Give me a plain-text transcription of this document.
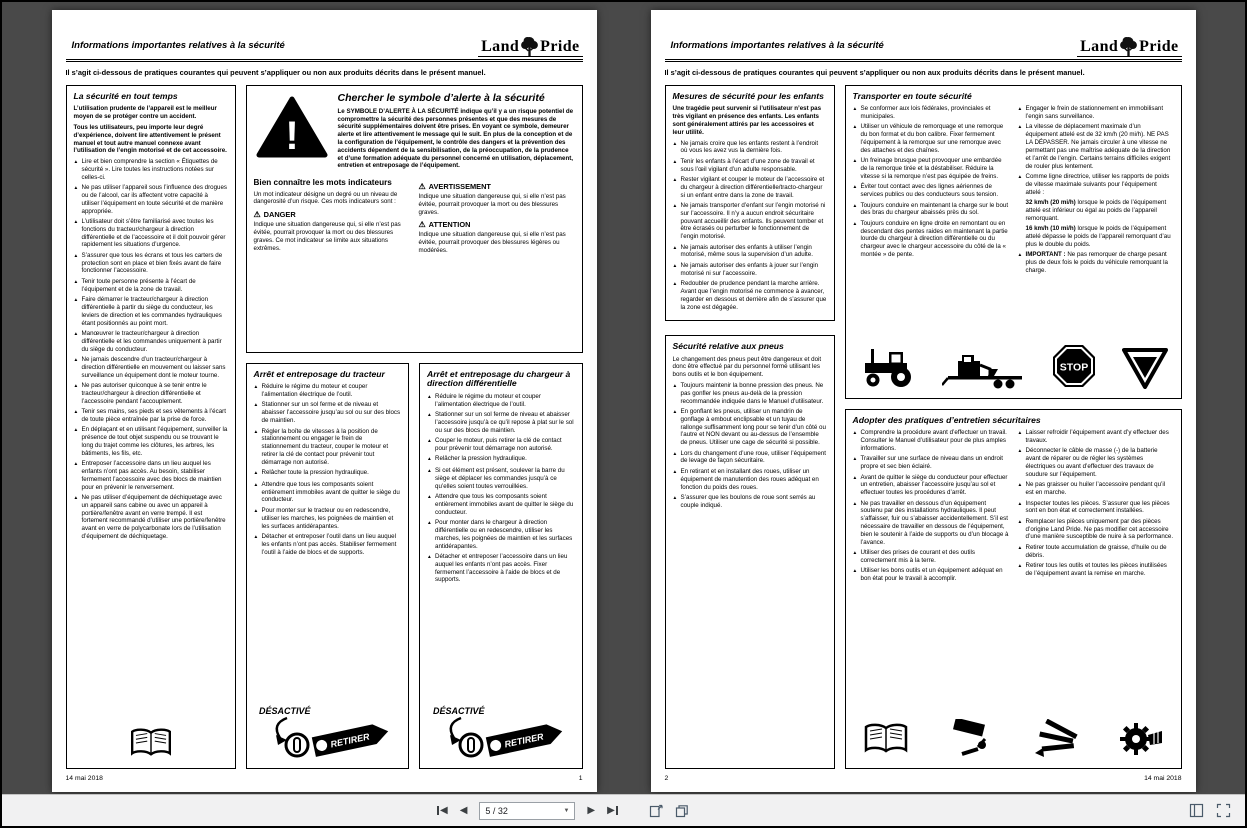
Informations importantes relatives à la sécurité	Land Pride
Il s’agit ci-dessous de pratiques courantes qui peuvent s’appliquer ou non aux produits décrits dans le présent manuel.
La sécurité en tout temps
L’utilisation prudente de l’appareil est le meilleur moyen de se protéger contre un accident.
Tous les utilisateurs, peu importe leur degré d’expérience, doivent lire attentivement le présent manuel et tout autre manuel connexe avant l’utilisation de l’engin motorisé et de cet accessoire.
▲ Lire et bien comprendre la section « Étiquettes de sécurité ». Lire toutes les instructions notées sur celles-ci.
▲ Ne pas utiliser l’appareil sous l’influence des drogues ou de l’alcool, car ils affectent votre capacité à utiliser l’équipement en toute sécurité et de manière appropriée.
▲ L’utilisateur doit s’être familiarisé avec toutes les fonctions du tracteur/chargeur à direction différentielle et de l’accessoire et il doit pouvoir gérer rapidement les situations d’urgence.
▲ S’assurer que tous les écrans et tous les carters de protection sont en place et bien fixés avant de faire fonctionner l’accessoire.
▲ Tenir toute personne présente à l’écart de l’équipement et de la zone de travail.
▲ Faire démarrer le tracteur/chargeur à direction différentielle à partir du siège du conducteur, les leviers de direction et les commandes hydrauliques étant positionnés au point mort.
▲ Manœuvrer le tracteur/chargeur à direction différentielle et les commandes uniquement à partir du siège du conducteur.
▲ Ne jamais descendre d’un tracteur/chargeur à direction différentielle en mouvement ou laisser sans surveillance un équipement dont le moteur tourne.
▲ Ne pas autoriser quiconque à se tenir entre le tracteur/chargeur à direction différentielle et l’accessoire pendant l’accouplement.
▲ Tenir ses mains, ses pieds et ses vêtements à l’écart de toute pièce entraînée par la prise de force.
▲ En déplaçant et en utilisant l’équipement, surveiller la présence de tout objet suspendu ou se trouvant le long du trajet comme les clôtures, les arbres, les bâtiments, les fils, etc.
▲ Entreposer l’accessoire dans un lieu auquel les enfants n’ont pas accès. Au besoin, stabiliser fermement l’accessoire avec des blocs de maintien pour en prévenir le renversement.
▲ Ne pas utiliser d’équipement de déchiquetage avec un appareil sans cabine ou avec un appareil à portière/fenêtre avant en verre trempé. Il est fortement recommandé d’utiliser une portière/fenêtre avant en verre de polycarbonate lors de l’utilisation d’équipement de déchiquetage.
!
Chercher le symbole d’alerte à la sécurité
Le SYMBOLE D’ALERTE À LA SÉCURITÉ indique qu’il y a un risque potentiel de compromettre la sécurité des personnes présentes et que des mesures de sécurité supplémentaires doivent être prises. En voyant ce symbole, demeurer alerte et lire attentivement le message qui le suit. En plus de la conception et de la configuration de l’équipement, le contrôle des dangers et la prévention des accidents dépendent de la sensibilisation, de la préoccupation, de la prudence et d’une formation adéquate du personnel concerné en utilisation, déplacement, entretien et entreposage de l’équipement.
Bien connaître les mots indicateurs
Un mot indicateur désigne un degré ou un niveau de dangerosité d’un risque. Ces mots indicateurs sont :
⚠ DANGER
Indique une situation dangereuse qui, si elle n’est pas évitée, pourrait provoquer la mort ou des blessures graves. Ce mot indicateur se limite aux situations extrêmes.
⚠ AVERTISSEMENT
Indique une situation dangereuse qui, si elle n’est pas évitée, pourrait provoquer la mort ou des blessures graves.
⚠ ATTENTION
Indique une situation dangereuse qui, si elle n’est pas évitée, pourrait provoquer des blessures légères ou modérées.
Arrêt et entreposage du tracteur
▲ Réduire le régime du moteur et couper l’alimentation électrique de l’outil.
▲ Stationner sur un sol ferme et de niveau et abaisser l’accessoire jusqu’au sol ou sur des blocs de maintien.
▲ Régler la boîte de vitesses à la position de stationnement ou engager le frein de stationnement du tracteur, couper le moteur et retirer la clé de contact pour prévenir tout démarrage non autorisé.
▲ Relâcher toute la pression hydraulique.
▲ Attendre que tous les composants soient entièrement immobiles avant de quitter le siège du conducteur.
▲ Pour monter sur le tracteur ou en redescendre, utiliser les marches, les poignées de maintien et les surfaces antidérapantes.
▲ Détacher et entreposer l’outil dans un lieu auquel les enfants n’ont pas accès. Stabiliser fermement l’outil à l’aide de blocs et de supports.
DÉSACTIVÉ
RETIRER
Arrêt et entreposage du chargeur à direction différentielle
▲ Réduire le régime du moteur et couper l’alimentation électrique de l’outil.
▲ Stationner sur un sol ferme de niveau et abaisser l’accessoire jusqu’à ce qu’il repose à plat sur le sol ou sur des blocs de maintien.
▲ Couper le moteur, puis retirer la clé de contact pour prévenir tout démarrage non autorisé.
▲ Relâcher la pression hydraulique.
▲ Si cet élément est présent, soulever la barre du siège et déplacer les commandes jusqu’à ce qu’elles soient toutes verrouillées.
▲ Attendre que tous les composants soient entièrement immobiles avant de quitter le siège du conducteur.
▲ Pour monter dans le chargeur à direction différentielle ou en redescendre, utiliser les marches, les poignées de maintien et les surfaces antidérapantes.
▲ Détacher et entreposer l’accessoire dans un lieu auquel les enfants n’ont pas accès. Fixer fermement l’accessoire à l’aide de blocs et de supports.
DÉSACTIVÉ
RETIRER
14 mai 2018	1
Informations importantes relatives à la sécurité	Land Pride
Il s’agit ci-dessous de pratiques courantes qui peuvent s’appliquer ou non aux produits décrits dans le présent manuel.
Mesures de sécurité pour les enfants
Une tragédie peut survenir si l’utilisateur n’est pas très vigilant en présence des enfants. Les enfants sont généralement attirés par les accessoires et leur utilité.
▲ Ne jamais croire que les enfants restent à l’endroit où vous les avez vus la dernière fois.
▲ Tenir les enfants à l’écart d’une zone de travail et sous l’œil vigilant d’un adulte responsable.
▲ Rester vigilant et couper le moteur de l’accessoire et du chargeur à direction différentielle/tracto-chargeur si un enfant entre dans la zone de travail.
▲ Ne jamais transporter d’enfant sur l’engin motorisé ni sur l’accessoire. Il n’y a aucun endroit sécuritaire pouvant accueillir des enfants. Ils peuvent tomber et être écrasés ou perturber le fonctionnement de l’engin motorisé.
▲ Ne jamais autoriser des enfants à utiliser l’engin motorisé, même sous la supervision d’un adulte.
▲ Ne jamais autoriser des enfants à jouer sur l’engin motorisé ni sur l’accessoire.
▲ Redoubler de prudence pendant la marche arrière. Avant que l’engin motorisé ne commence à avancer, regarder en dessous et derrière afin de s’assurer que la zone est dégagée.
Sécurité relative aux pneus
Le changement des pneus peut être dangereux et doit donc être effectué par du personnel formé utilisant les bons outils et le bon équipement.
▲ Toujours maintenir la bonne pression des pneus. Ne pas gonfler les pneus au-delà de la pression recommandée indiquée dans le Manuel d’utilisateur.
▲ En gonflant les pneus, utiliser un mandrin de gonflage à embout enclipsable et un tuyau de rallonge suffisamment long pour se tenir d’un côté ou l’autre et NON devant ou au-dessus de l’ensemble de pneus. Utiliser une cage de sécurité si possible.
▲ Lors du changement d’une roue, utiliser l’équipement de levage de façon sécuritaire.
▲ En retirant et en installant des roues, utiliser un équipement de manutention des roues adéquat en fonction du poids des roues.
▲ S’assurer que les boulons de roue sont serrés au couple indiqué.
Transporter en toute sécurité
▲ Se conformer aux lois fédérales, provinciales et municipales.
▲ Utiliser un véhicule de remorquage et une remorque du bon format et du bon calibre. Fixer fermement l’équipement à la remorque sur une remorque avec des attaches et des chaînes.
▲ Un freinage brusque peut provoquer une embardée de la remorque tirée et la déstabiliser. Réduire la vitesse si la remorque n’est pas équipée de freins.
▲ Éviter tout contact avec des lignes aériennes de services publics ou des conducteurs sous tension.
▲ Toujours conduire en maintenant la charge sur le bout des bras du chargeur abaissés près du sol.
▲ Toujours conduire en ligne droite en remontant ou en descendant des pentes raides en maintenant la partie lourde du chargeur à direction différentielle ou du chargeur avec le chargeur accessoire du côté de la « montée » de pente.
▲ Engager le frein de stationnement en immobilisant l’engin sans surveillance.
▲ La vitesse de déplacement maximale d’un équipement attelé est de 32 km/h (20 mi/h). NE PAS LA DÉPASSER. Ne jamais circuler à une vitesse ne permettant pas une maîtrise adéquate de la direction et l’arrêt de l’engin. Certains terrains difficiles exigent de rouler plus lentement.
▲ Comme ligne directrice, utiliser les rapports de poids de vitesse maximale suivants pour l’équipement attelé :
32 km/h (20 mi/h) lorsque le poids de l’équipement attelé est inférieur ou égal au poids de l’appareil remorquant.
16 km/h (10 mi/h) lorsque le poids de l’équipement attelé dépasse le poids de l’appareil remorquant d’au plus le double du poids.
▲ IMPORTANT : Ne pas remorquer de charge pesant plus de deux fois le poids du véhicule remorquant la charge.
STOP
Adopter des pratiques d’entretien sécuritaires
▲ Comprendre la procédure avant d’effectuer un travail. Consulter le Manuel d’utilisateur pour de plus amples informations.
▲ Travailler sur une surface de niveau dans un endroit propre et sec bien éclairé.
▲ Avant de quitter le siège du conducteur pour effectuer un entretien, abaisser l’accessoire jusqu’au sol et effectuer toutes les procédures d’arrêt.
▲ Ne pas travailler en dessous d’un équipement soutenu par des installations hydrauliques. Il peut s’affaisser, fuir ou s’abaisser accidentellement. S’il est nécessaire de travailler en dessous de l’équipement, bien le soutenir à l’aide de supports ou d’un blocage à l’avance.
▲ Utiliser des prises de courant et des outils correctement mis à la terre.
▲ Utiliser les bons outils et un équipement adéquat en bon état pour le travail à accomplir.
▲ Laisser refroidir l’équipement avant d’y effectuer des travaux.
▲ Déconnecter le câble de masse (-) de la batterie avant de réparer ou de régler les systèmes électriques ou avant d’effectuer des travaux de soudure sur l’équipement.
▲ Ne pas graisser ou huiler l’accessoire pendant qu’il est en marche.
▲ Inspecter toutes les pièces. S’assurer que les pièces sont en bon état et correctement installées.
▲ Remplacer les pièces uniquement par des pièces d’origine Land Pride. Ne pas modifier cet accessoire d’une manière susceptible de nuire à sa performance.
▲ Retirer toute accumulation de graisse, d’huile ou de débris.
▲ Retirer tous les outils et toutes les pièces inutilisées de l’équipement avant la remise en marche.
2	14 mai 2018
◀ ◀ 5 / 32	▼ ▶ ▶
